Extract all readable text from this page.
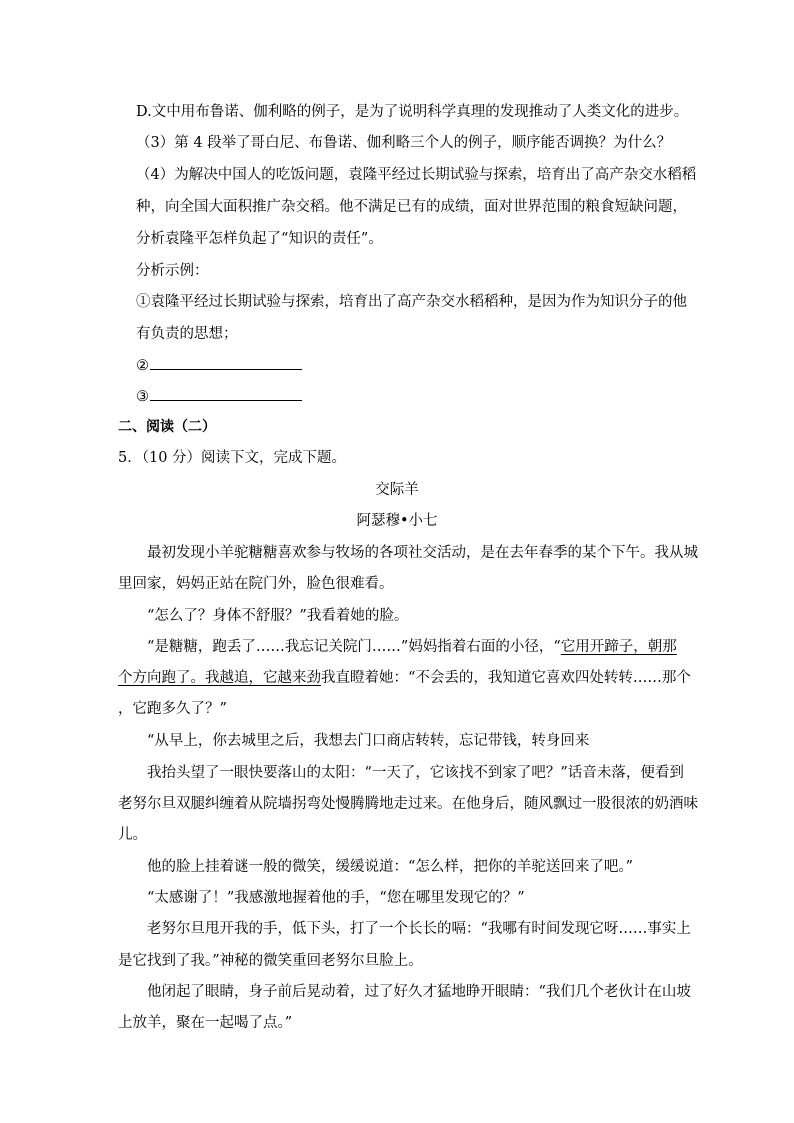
D.文中用布鲁诺、伽利略的例子，是为了说明科学真理的发现推动了人类文化的进步。
（3）第 4 段举了哥白尼、布鲁诺、伽利略三个人的例子，顺序能否调换？为什么？
（4）为解决中国人的吃饭问题，袁隆平经过长期试验与探索，培育出了高产杂交水稻稻
种，向全国大面积推广杂交稻。他不满足已有的成绩，面对世界范围的粮食短缺问题，
分析袁隆平怎样负起了“知识的责任”。
分析示例：
①袁隆平经过长期试验与探索，培育出了高产杂交水稻稻种，是因为作为知识分子的他
有负责的思想；
②
③
二、阅读（二）
5．（10 分）阅读下文，完成下题。
交际羊
阿瑟穆•小七
最初发现小羊驼糖糖喜欢参与牧场的各项社交活动，是在去年春季的某个下午。我从城
里回家，妈妈正站在院门外，脸色很难看。
“怎么了？身体不舒服？”我看着她的脸。
“是糖糖，跑丢了……我忘记关院门……”妈妈指着右面的小径，“它用开蹄子，朝那
个方向跑了。我越追，它越来劲我直瞪着她：“不会丢的，我知道它喜欢四处转转……那个
，它跑多久了？”
“从早上，你去城里之后，我想去门口商店转转，忘记带钱，转身回来
我抬头望了一眼快要落山的太阳：“一天了，它该找不到家了吧？”话音未落，便看到
老努尔旦双腿纠缠着从院墙拐弯处慢腾腾地走过来。在他身后，随风飘过一股很浓的奶酒味
儿。
他的脸上挂着谜一般的微笑，缓缓说道：“怎么样，把你的羊驼送回来了吧。”
“太感谢了！”我感激地握着他的手，“您在哪里发现它的？”
老努尔旦甩开我的手，低下头，打了一个长长的嗝：“我哪有时间发现它呀……事实上
是它找到了我。”神秘的微笑重回老努尔旦脸上。
他闭起了眼睛，身子前后晃动着，过了好久才猛地睁开眼睛：“我们几个老伙计在山坡
上放羊，聚在一起喝了点。”
